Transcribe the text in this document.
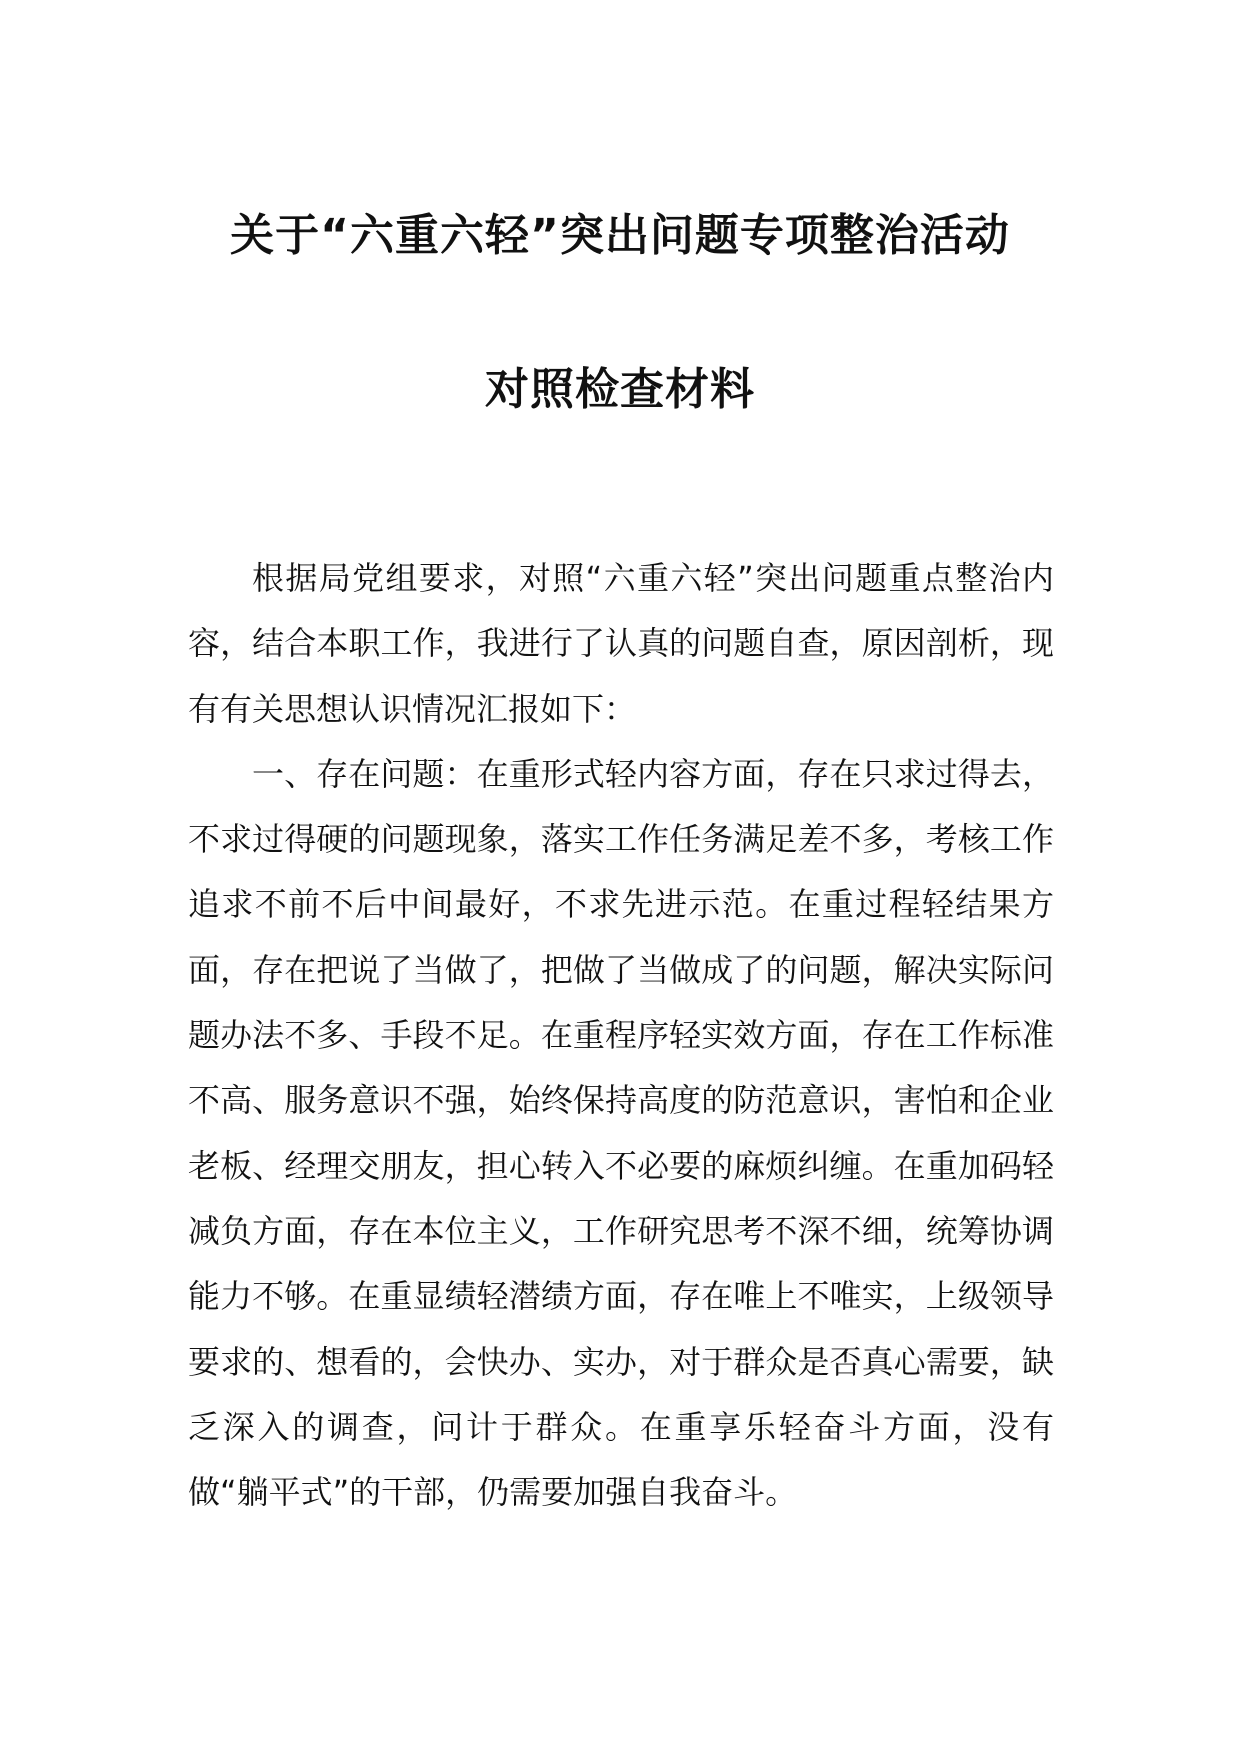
关于“六重六轻”突出问题专项整治活动
对照检查材料

根据局党组要求，对照“六重六轻”突出问题重点整治内容，结合本职工作，我进行了认真的问题自查，原因剖析，现有有关思想认识情况汇报如下：

一、存在问题：在重形式轻内容方面，存在只求过得去，不求过得硬的问题现象，落实工作任务满足差不多，考核工作追求不前不后中间最好，不求先进示范。在重过程轻结果方面，存在把说了当做了，把做了当做成了的问题，解决实际问题办法不多、手段不足。在重程序轻实效方面，存在工作标准不高、服务意识不强，始终保持高度的防范意识，害怕和企业老板、经理交朋友，担心转入不必要的麻烦纠缠。在重加码轻减负方面，存在本位主义，工作研究思考不深不细，统筹协调能力不够。在重显绩轻潜绩方面，存在唯上不唯实，上级领导要求的、想看的，会快办、实办，对于群众是否真心需要，缺乏深入的调查，问计于群众。在重享乐轻奋斗方面，没有做“躺平式”的干部，仍需要加强自我奋斗。
